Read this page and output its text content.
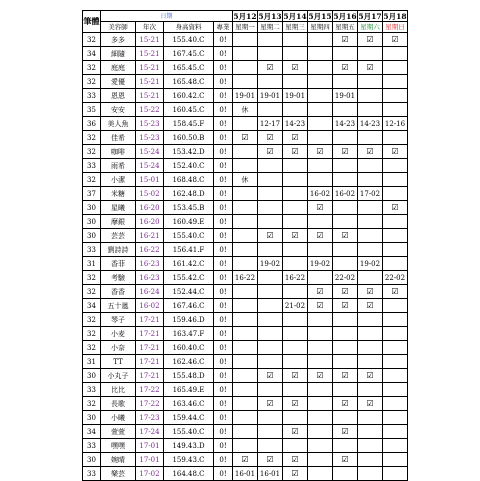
筆體	日期				5月12	5月13	5月14	5月15	5月16	5月17	5月18
	美容師	年次	身高資料	專業	星期一	星期二	星期三	星期四	星期五	星期六	星期日
32	多多	15-21	155.40.C	0!					☑	☑	☑
34	細隨	15-21	167.45.C	0!							
32	庭庭	15-21	165.45.C	0!		☑	☑		☑	☑	
32	愛優	15-21	165.48.C	0!							
33	恩恩	15-21	160.42.C	0!	19-01	19-01	19-01		19-01		
35	安安	15-22	160.45.C	0!	休						
36	美人魚	15-23	158.45.F	0!		12-17	14-23		14-23	14-23	12-16
32	佳希	15-23	160.50.B	0!	☑	☑	☑				
32	咖啡	15-24	153.42.D	0!		☑	☑	☑	☑	☑	☑
33	雨希	15-24	152.40.C	0!							
32	小潔	15-01	168.48.C	0!	休						
37	米糖	15-02	162.48.D	0!				16-02	16-02	17-02	
30	星曦	16-20	153.45.B	0!				☑			☑
30	摩銀	16-20	160.49.E	0!							
30	芸芸	16-21	155.40.C	0!		☑	☑	☑	☑		
33	劉詩詩	16-22	156.41.F	0!							
31	香菲	16-23	161.42.C	0!		19-02		19-02		19-02	
32	考驗	16-23	155.42.C	0!	16-22		16-22		22-02		22-02
32	香香	16-24	152.44.C	0!				☑	☑	☑	☑
34	五十嵐	16-02	167.46.C	0!			21-02	☑	☑	☑	
32	琴子	17-21	159.46.D	0!							
32	小麦	17-21	163.47.F	0!							
32	小奈	17-21	160.40.C	0!							
31	TT	17-21	162.46.C	0!							
30	小丸子	17-21	155.48.D	0!		☑	☑	☑	☑	☑	
33	比比	17-22	165.49.E	0!							
32	長歌	17-22	163.46.C	0!		☑	☑		☑	☑	
30	小曦	17-23	159.44.C	0!							
34	萱萱	17-24	155.40.C	0!			☑		☑		
33	嘿嘿	17-01	149.43.D	0!							
30	婉晴	17-01	159.43.C	0!	☑	☑	☑		☑		
33	樂芸	17-02	164.48.C	0!	16-01	16-01	☑				
